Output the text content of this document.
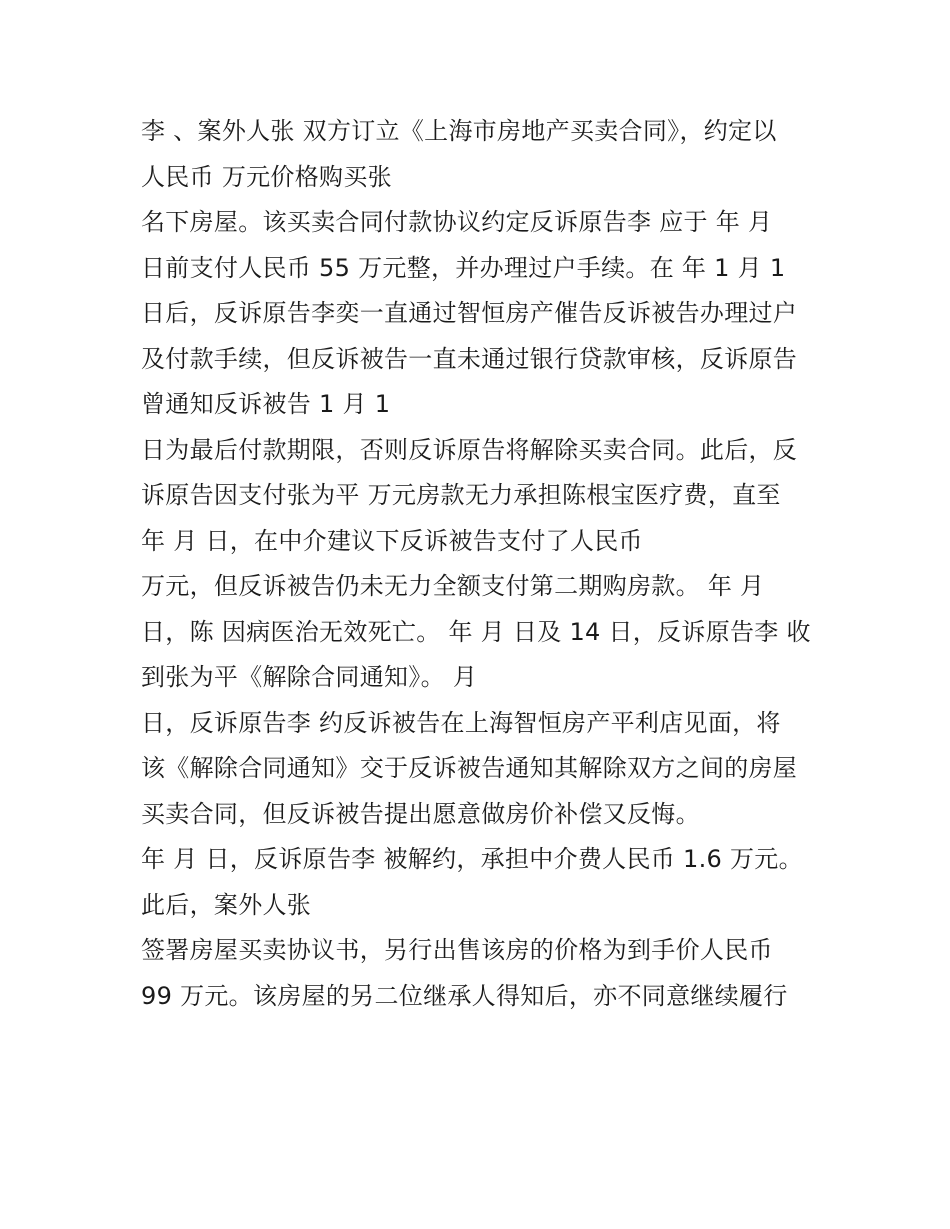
李 、案外人张 双方订立《上海市房地产买卖合同》，约定以
人民币 万元价格购买张
名下房屋。该买卖合同付款协议约定反诉原告李 应于 年 月
日前支付人民币 55 万元整，并办理过户手续。在 年 1 月 1
日后，反诉原告李奕一直通过智恒房产催告反诉被告办理过户
及付款手续，但反诉被告一直未通过银行贷款审核，反诉原告
曾通知反诉被告 1 月 1
日为最后付款期限，否则反诉原告将解除买卖合同。此后，反
诉原告因支付张为平 万元房款无力承担陈根宝医疗费，直至
年 月 日，在中介建议下反诉被告支付了人民币
万元，但反诉被告仍未无力全额支付第二期购房款。 年 月
日，陈 因病医治无效死亡。 年 月 日及 14 日，反诉原告李 收
到张为平《解除合同通知》。 月
日，反诉原告李 约反诉被告在上海智恒房产平利店见面，将
该《解除合同通知》交于反诉被告通知其解除双方之间的房屋
买卖合同，但反诉被告提出愿意做房价补偿又反悔。
年 月 日，反诉原告李 被解约，承担中介费人民币 1.6 万元。
此后，案外人张
签署房屋买卖协议书，另行出售该房的价格为到手价人民币
99 万元。该房屋的另二位继承人得知后，亦不同意继续履行
